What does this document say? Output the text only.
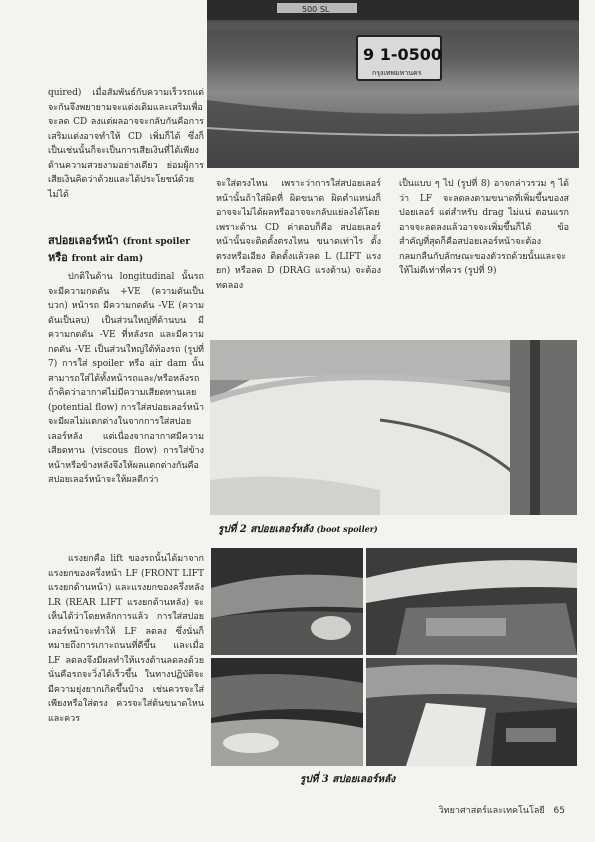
500 SL
9 1-0500
กรุงเทพมหานคร

quired) เมื่อสัมพันธ์กับความเร็วรถแต่จะกันจึงพยายามจะแต่งเติมและเสริมเพื่อจะลด CD ลงแต่ผลอาจจะกลับกันคือการเสริมแต่งอาจทำให้ CD เพิ่มก็ได้ ซึ่งก็เป็นเช่นนั้นก็จะเป็นการเสียเงินที่ได้เพียงด้านความสวยงามอย่างเดียว ย่อมผู้การเสียเงินคิดว่าด้วยและได้ประโยชน์ด้วยไม่ได้

สปอยเลอร์หน้า (front spoiler
หรือ front air dam)

ปกติในด้าน longitudinal นั้นรถจะมีความกดดัน +VE (ความดันเป็นบวก) หน้ารถ มีความกดดัน -VE (ความดันเป็นลบ) เป็นส่วนใหญ่ที่ด้านบน มีความกดดัน -VE ที่หลังรถ และมีความกดดัน -VE เป็นส่วนใหญ่ใต้ท้องรถ (รูปที่ 7) การใส่ spoiler หรือ air dam นั้นสามารถใส่ได้ทั้งหน้ารถและ/หรือหลังรถ ถ้าคิดว่าอากาศไม่มีความเสียดทานเลย (potential flow) การใส่สปอยเลอร์หน้าจะมีผลไม่แตกต่างในจากการใส่สปอยเลอร์หลัง แต่เนื่องจากอากาศมีความเสียดทาน (viscous flow) การใส่ข้างหน้าหรือข้างหลังจึงให้ผลแตกต่างกันคือ สปอยเลอร์หน้าจะให้ผลดีกว่า

แรงยกคือ lift ของรถนั้นได้มาจากแรงยกของครึ่งหน้า LF (FRONT LIFT แรงยกด้านหน้า) และแรงยกของครึ่งหลัง LR (REAR LIFT แรงยกด้านหลัง) จะเห็นได้ว่าโดยหลักการแล้ว การใส่สปอยเลอร์หน้าจะทำให้ LF ลดลง ซึ่งนั่นก็หมายถึงการเกาะถนนที่ดีขึ้น และเมื่อ LF ลดลงจึงมีผลทำให้แรงต้านลดลงด้วย นั่นคือรถจะวิ่งได้เร็วขึ้น ในทางปฏิบัติจะมีความยุ่งยากเกิดขึ้นบ้าง เช่นควรจะใส่เพียงหรือใส่ตรง ควรจะใส่ต้นขนาดไหน และควร

จะใส่ตรงไหน เพราะว่าการใส่สปอยเลอร์หน้านั้นถ้าใส่ผิดที่ ผิดขนาด ผิดตำแหน่งก็อาจจะไม่ได้ผลหรืออาจจะกลับแย่ลงได้โดยเพราะด้าน CD ค่าตอบก็คือ สปอยเลอร์หน้านั้นจะติดตั้งตรงไหน ขนาดเท่าไร ตั้งตรงหรือเอียง ติดตั้งแล้วลด L (LIFT แรงยก) หรือลด D (DRAG แรงต้าน) จะต้องทดลอง

เป็นแบบ ๆ ไป (รูปที่ 8) อาจกล่าวรวม ๆ ได้ว่า LF จะลดลงตามขนาดที่เพิ่มขึ้นของสปอยเลอร์ แต่สำหรับ drag ไม่แน่ ตอนแรกอาจจะลดลงแล้วอาจจะเพิ่มขึ้นก็ได้ ข้อสำคัญที่สุดก็คือสปอยเลอร์หน้าจะต้องกลมกลืนกับลักษณะของตัวรถด้วยนั้นและจะให้ไม่ดีเท่าที่ควร (รูปที่ 9)

รูปที่ 2 สปอยเลอร์หลัง (boot spoiler)
รูปที่ 3 สปอยเลอร์หลัง
วิทยาศาสตร์และเทคโนโลยี 65
